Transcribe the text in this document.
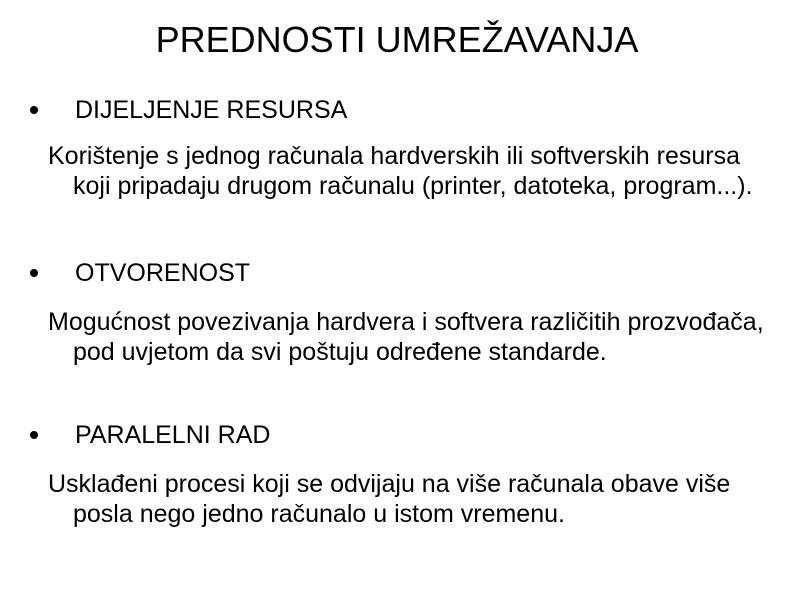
PREDNOSTI UMREŽAVANJA
DIJELJENJE RESURSA
Korištenje s jednog računala hardverskih ili softverskih resursa koji pripadaju drugom računalu (printer, datoteka, program...).
OTVORENOST
Mogućnost povezivanja hardvera i softvera različitih prozvođača, pod uvjetom da svi poštuju određene standarde.
PARALELNI RAD
Usklađeni procesi koji se odvijaju na više računala obave više posla nego jedno računalo u istom vremenu.
